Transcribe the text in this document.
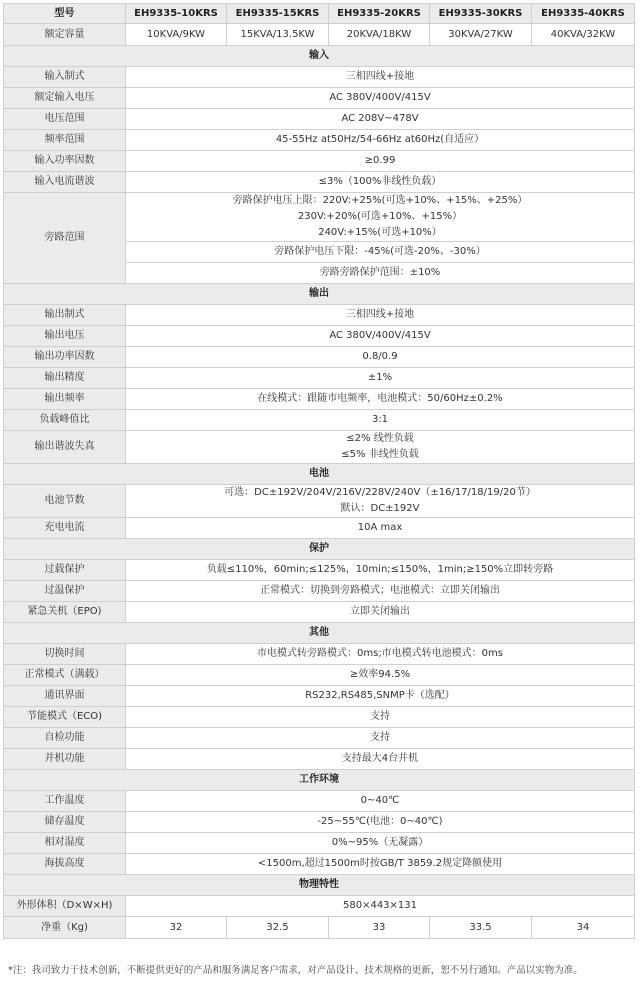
型号	EH9335-10KRS	EH9335-15KRS	EH9335-20KRS	EH9335-30KRS	EH9335-40KRS
额定容量	10KVA/9KW	15KVA/13.5KW	20KVA/18KW	30KVA/27KW	40KVA/32KW
输入					
输入制式	三相四线+接地				
额定输入电压	AC 380V/400V/415V				
电压范围	AC 208V~478V				
频率范围	45-55Hz at50Hz/54-66Hz at60Hz(自适应）				
输入功率因数	≥0.99				
输入电流谐波	≤3%（100%非线性负载）				
旁路范围	旁路保护电压上限：220V:+25%(可选+10%、+15%、+25%）
230V:+20%(可选+10%、+15%）
240V:+15%(可选+10%）				

	旁路保护电压下限：-45%(可选-20%、-30%）				
	旁路旁路保护范围：±10%				
输出					
输出制式	三相四线+接地				
输出电压	AC 380V/400V/415V				
输出功率因数	0.8/0.9				
输出精度	±1%				
输出频率	在线模式：跟随市电频率，电池模式：50/60Hz±0.2%				
负载峰值比	3:1				
输出谐波失真	≤2% 线性负载
≤5% 非线性负载				

电池					
电池节数	可选：DC±192V/204V/216V/228V/240V（±16/17/18/19/20节）
默认：DC±192V				

充电电流	10A max				
保护					
过载保护	负载≤110%，60min;≤125%，10min;≤150%，1min;≥150%立即转旁路				
过温保护	正常模式：切换到旁路模式；电池模式：立即关闭输出				
紧急关机（EPO)	立即关闭输出				
其他					
切换时间	市电模式转旁路模式：0ms;市电模式转电池模式：0ms				
正常模式（满载）	≥效率94.5%				
通讯界面	RS232,RS485,SNMP卡（选配）				
节能模式（ECO)	支持				
自检功能	支持				
并机功能	支持最大4台并机				
工作环境					
工作温度	0~40℃				
储存温度	-25~55℃(电池：0~40℃)				
相对湿度	0%~95%（无凝露）				
海拔高度	<1500m,超过1500m时按GB/T 3859.2规定降额使用				
物理特性					
外形体积（D×W×H)	580×443×131				
净重（Kg)	32	32.5	33	33.5	34
*注：我司致力于技术创新，不断提供更好的产品和服务满足客户需求，对产品设计、技术规格的更新，恕不另行通知。产品以实物为准。
